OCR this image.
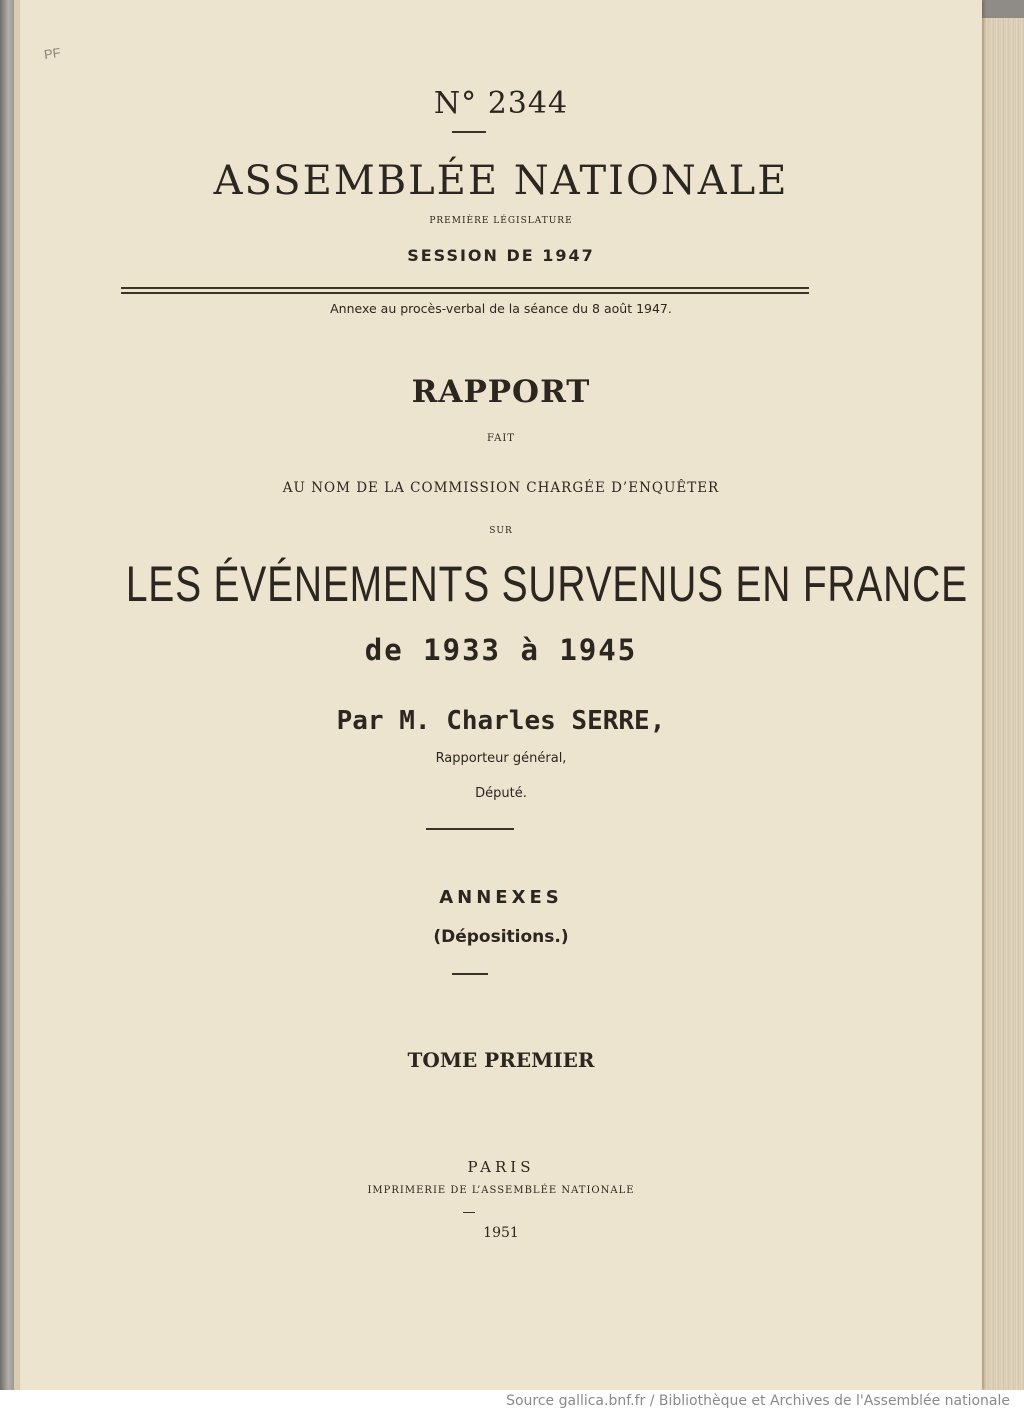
PF
N° 2344
ASSEMBLÉE NATIONALE
PREMIÈRE LÉGISLATURE
SESSION DE 1947
Annexe au procès-verbal de la séance du 8 août 1947.
RAPPORT
FAIT
AU NOM DE LA COMMISSION CHARGÉE D’ENQUÊTER
SUR
LES ÉVÉNEMENTS SURVENUS EN FRANCE
de 1933 à 1945
Par M. Charles SERRE,
Rapporteur général,
Député.
ANNEXES
(Dépositions.)
TOME PREMIER
PARIS
IMPRIMERIE DE L’ASSEMBLÉE NATIONALE
1951
Source gallica.bnf.fr / Bibliothèque et Archives de l'Assemblée nationale
